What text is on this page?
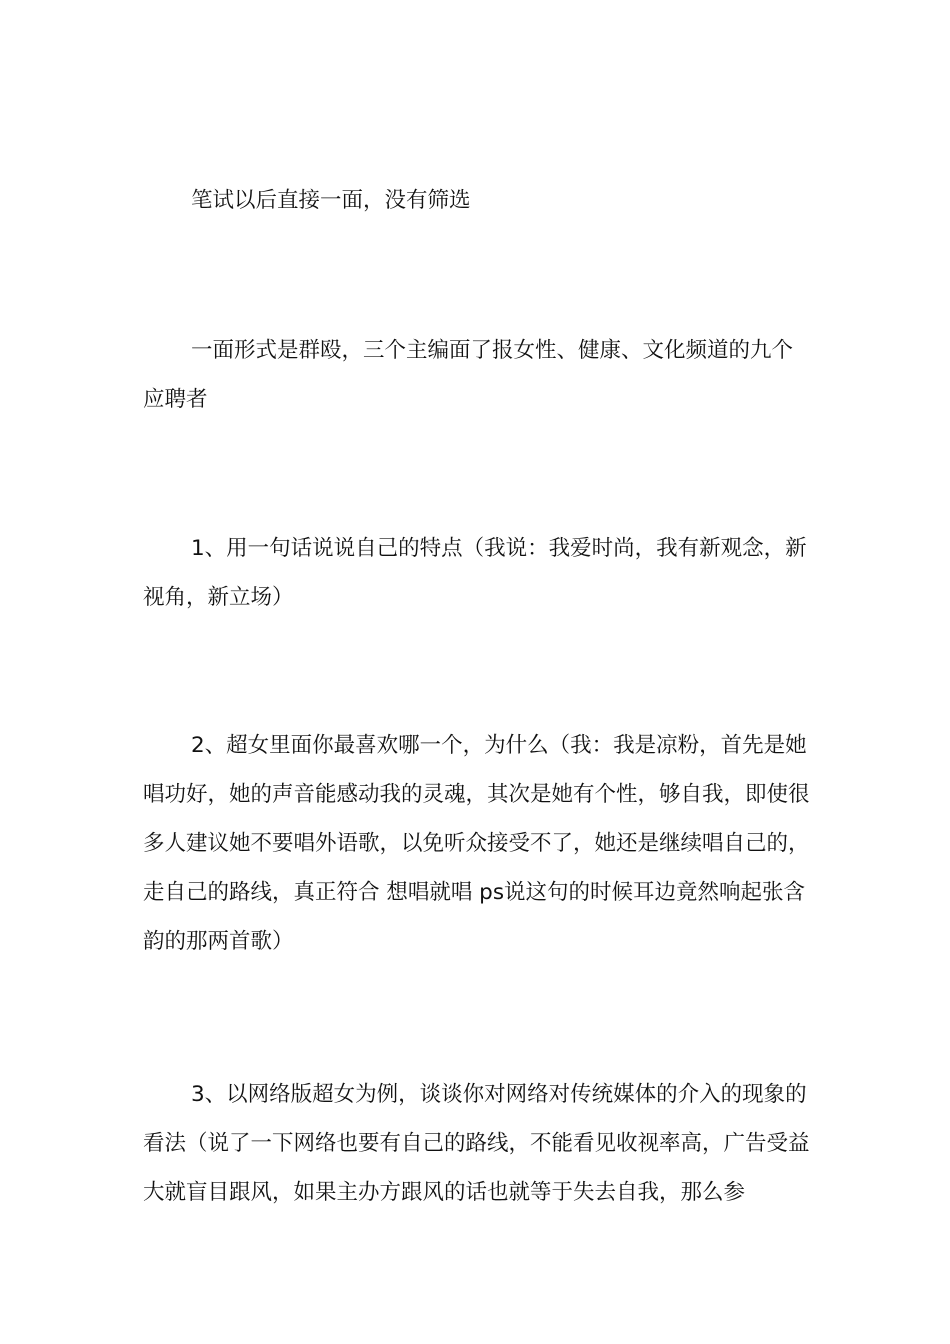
笔试以后直接一面，没有筛选

一面形式是群殴，三个主编面了报女性、健康、文化频道的九个应聘者

1、用一句话说说自己的特点（我说：我爱时尚，我有新观念，新视角，新立场）

2、超女里面你最喜欢哪一个，为什么（我：我是凉粉，首先是她唱功好，她的声音能感动我的灵魂，其次是她有个性，够自我，即使很多人建议她不要唱外语歌，以免听众接受不了，她还是继续唱自己的，走自己的路线，真正符合 想唱就唱 ps说这句的时候耳边竟然响起张含韵的那两首歌）

3、以网络版超女为例，谈谈你对网络对传统媒体的介入的现象的看法（说了一下网络也要有自己的路线，不能看见收视率高，广告受益大就盲目跟风，如果主办方跟风的话也就等于失去自我，那么参
